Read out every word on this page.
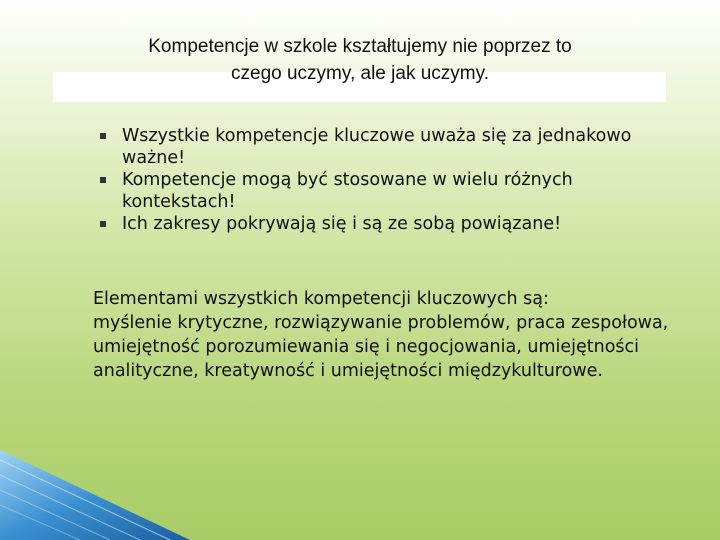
Kompetencje w szkole kształtujemy nie poprzez to
czego uczymy, ale jak uczymy.
Wszystkie kompetencje kluczowe uważa się za jednakowo ważne!
Kompetencje mogą być stosowane w wielu różnych kontekstach!
Ich zakresy pokrywają się i są ze sobą powiązane!
Elementami wszystkich kompetencji kluczowych są:
myślenie krytyczne, rozwiązywanie problemów, praca zespołowa, umiejętność porozumiewania się i negocjowania, umiejętności analityczne, kreatywność i umiejętności międzykulturowe.
